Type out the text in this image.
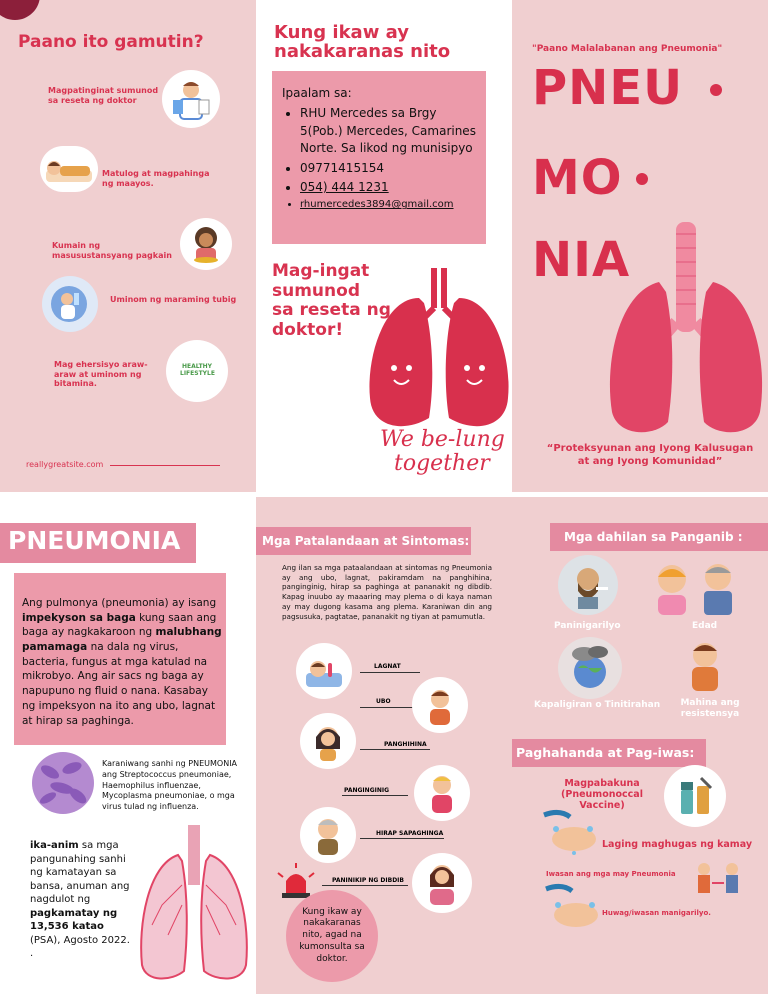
Paano ito gamutin?
Magpatinginat sumunod sa reseta ng doktor
Matulog at magpahinga ng maayos.
Kumain ng masusustansyang pagkain
Uminom ng maraming tubig
Mag ehersisyo araw-araw at uminom ng bitamina.
HEALTHY LIFESTYLE
reallygreatsite.com
Kung ikaw ay
nakakaranas nito
Ipaalam sa:
• RHU Mercedes sa Brgy 5(Pob.) Mercedes, Camarines Norte. Sa likod ng munisipyo
• 09771415154
• 054) 444 1231
• rhumercedes3894@gmail.com
Mag-ingat
sumunod
sa reseta ng
doktor!
We be-lung
together
"Paano Malalabanan ang Pneumonia"
PNEU
MO
NIA
“Proteksyunan ang Iyong Kalusugan at ang Iyong Komunidad”
PNEUMONIA
Ang pulmonya (pneumonia) ay isang impekyson sa baga kung saan ang baga ay nagkakaroon ng malubhang pamamaga na dala ng virus, bacteria, fungus at mga katulad na mikrobyo. Ang air sacs ng baga ay napupuno ng fluid o nana. Kasabay ng impeksyon na ito ang ubo, lagnat at hirap sa paghinga.
Karaniwang sanhi ng PNEUMONIA ang Streptococcus pneumoniae, Haemophilus influenzae, Mycoplasma pneumoniae, o mga virus tulad ng influenza.
ika-anim sa mga pangunahing sanhi ng kamatayan sa bansa, anuman ang nagdulot ng pagkamatay ng 13,536 katao (PSA), Agosto 2022. .
Mga Patalandaan at Sintomas:
Ang ilan sa mga pataalandaan at sintomas ng Pneumonia ay ang ubo, lagnat, pakiramdam na panghihina, panginginig, hirap sa paghinga at pananakit ng dibdib. Kapag inuubo ay maaaring may plema o di kaya naman ay may dugong kasama ang plema. Karaniwan din ang pagsusuka, pagtatae, pananakit ng tiyan at pamumutla.
LAGNAT
UBO
PANGHIHINA
PANGINGINIG
HIRAP SAPAGHINGA
PANINIKIP NG DIBDIB
Kung ikaw ay nakakaranas nito, agad na kumonsulta sa doktor.
Mga dahilan sa Panganib :
Paninigarilyo	Edad
Kapaligiran o Tinitirahan	Mahina ang resistensya
Paghahanda at Pag-iwas:
Magpabakuna (Pneumonoccal Vaccine)
Laging maghugas ng kamay
Iwasan ang mga may Pneumonia
Huwag/iwasan manigarilyo.
